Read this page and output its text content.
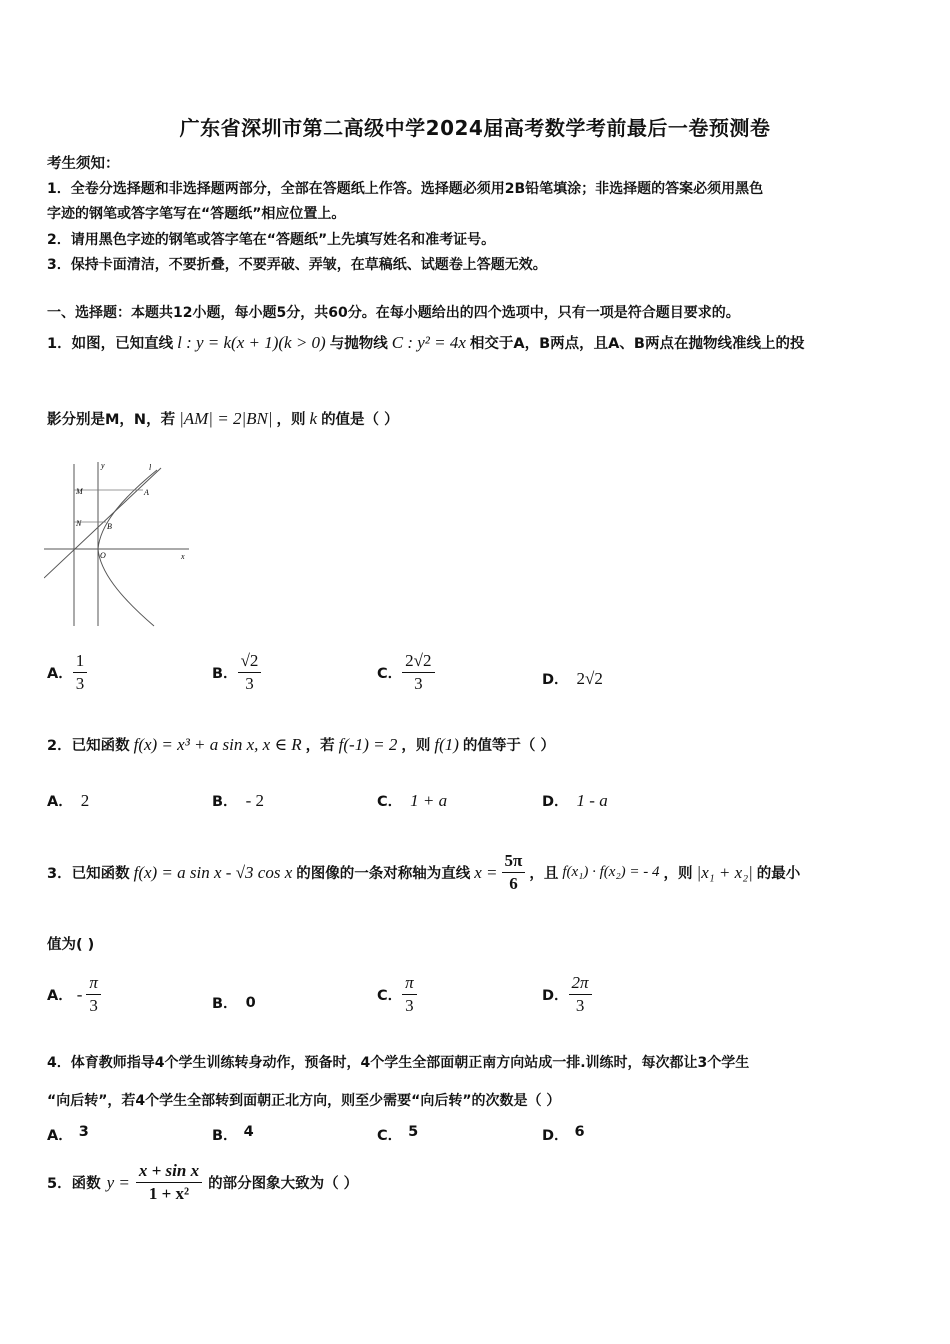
广东省深圳市第二高级中学2024届高考数学考前最后一卷预测卷
考生须知：
1．全卷分选择题和非选择题两部分，全部在答题纸上作答。选择题必须用2B铅笔填涂；非选择题的答案必须用黑色
字迹的钢笔或答字笔写在“答题纸”相应位置上。
2．请用黑色字迹的钢笔或答字笔在“答题纸”上先填写姓名和准考证号。
3．保持卡面清洁，不要折叠，不要弄破、弄皱，在草稿纸、试题卷上答题无效。
一、选择题：本题共12小题，每小题5分，共60分。在每小题给出的四个选项中，只有一项是符合题目要求的。
1．如图，已知直线 l : y = k(x + 1)(k > 0) 与抛物线 C : y² = 4x 相交于A，B两点，且A、B两点在抛物线准线上的投
影分别是M，N，若 |AM| = 2|BN| ，则 k 的值是（ ）
y
x
l
M
N
A
B
O
A． $\frac{1}{3}$	B． $\frac{√2}{3}$	C． $\frac{2√2}{3}$	D． 2√2
2．已知函数 f(x) = x³ + a sin x, x ∈ R ，若 f(-1) = 2 ，则 f(1) 的值等于（ ）
A． 2	B． - 2	C． 1 + a	D． 1 - a
3．已知函数 f(x) = a sin x - √3 cos x 的图像的一条对称轴为直线 $x = \frac{5\pi}{6}$ ，且 f(x₁) · f(x₂) = - 4 ，则 |x₁ + x₂| 的最小
值为( )
A． - $\frac{\pi}{3}$	B． 0	C． $\frac{\pi}{3}$	D． $\frac{2\pi}{3}$
4．体育教师指导4个学生训练转身动作，预备时，4个学生全部面朝正南方向站成一排.训练时，每次都让3个学生
“向后转”，若4个学生全部转到面朝正北方向，则至少需要“向后转”的次数是（ ）
A． 3	B． 4	C． 5	D． 6
5．函数 $y = \frac{\text{x + sin x}}{\text{1 + x²}}$ 的部分图象大致为（ ）
